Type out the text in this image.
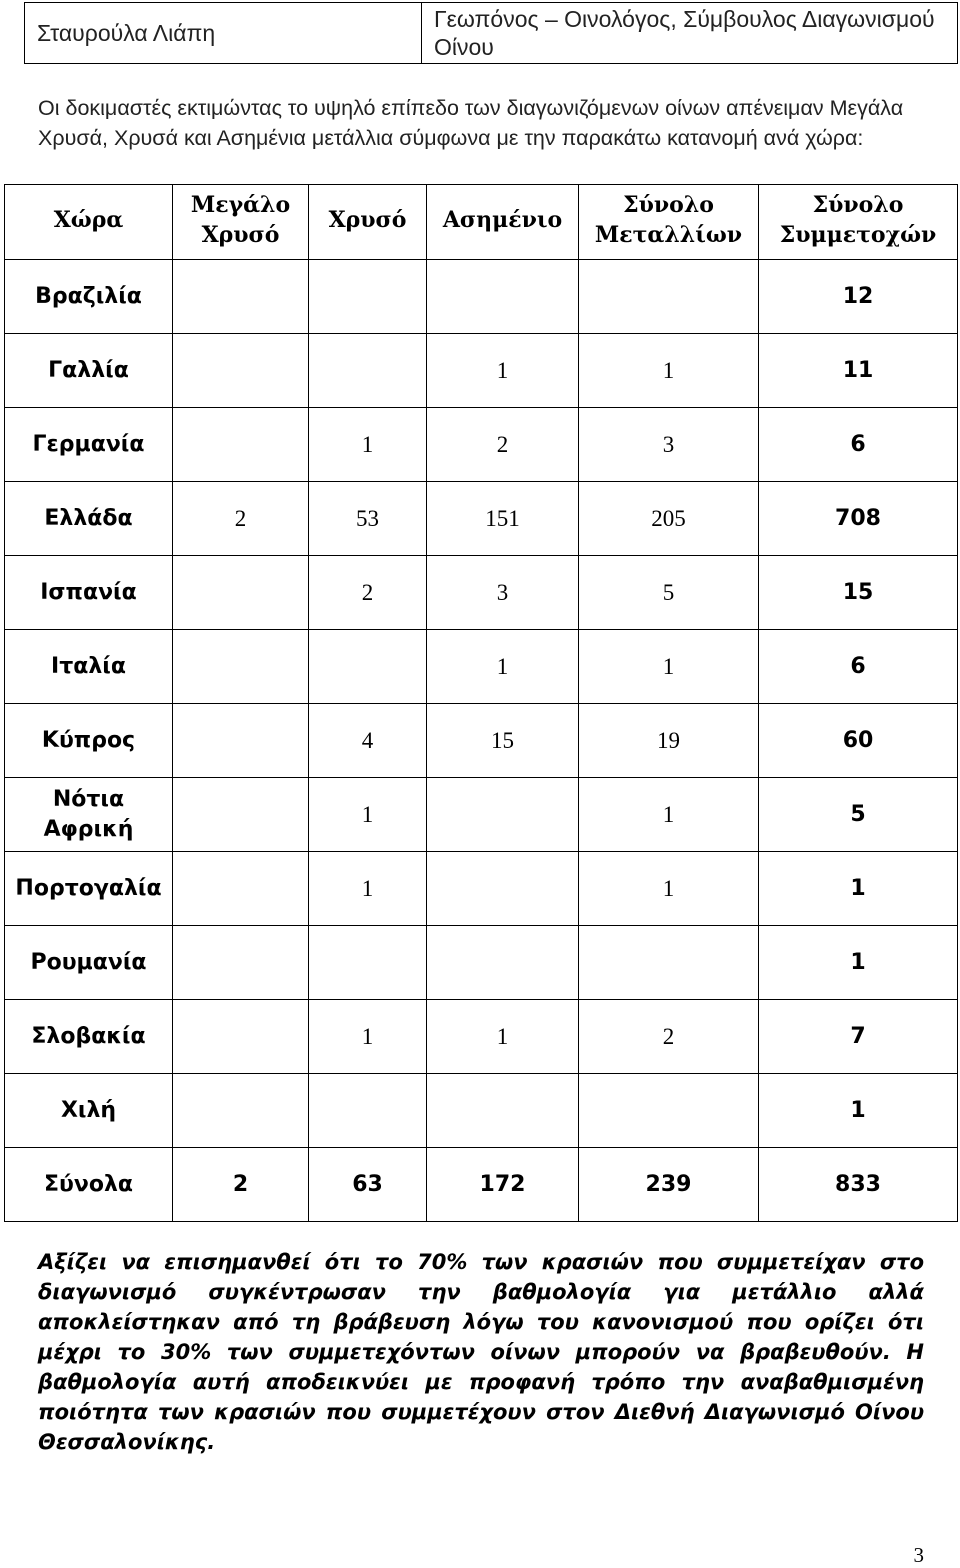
Σταυρούλα Λιάπη
Γεωπόνος – Οινολόγος, Σύμβουλος Διαγωνισμού Οίνου

Οι δοκιμαστές εκτιμώντας το υψηλό επίπεδο των διαγωνιζόμενων οίνων απένειμαν Μεγάλα Χρυσά, Χρυσά και Ασημένια μετάλλια σύμφωνα με την παρακάτω κατανομή ανά χώρα:

Χώρα	Μεγάλο Χρυσό	Χρυσό	Ασημένιο	Σύνολο Μεταλλίων	Σύνολο Συμμετοχών

Βραζιλία					12
Γαλλία			1	1	11
Γερμανία		1	2	3	6
Ελλάδα	2	53	151	205	708
Ισπανία		2	3	5	15
Ιταλία			1	1	6
Κύπρος		4	15	19	60
Νότια Αφρική		1		1	5
Πορτογαλία		1		1	1
Ρουμανία					1
Σλοβακία		1	1	2	7
Χιλή					1
Σύνολα	2	63	172	239	833

Αξίζει να επισημανθεί ότι το 70% των κρασιών που συμμετείχαν στο διαγωνισμό συγκέντρωσαν την βαθμολογία για μετάλλιο αλλά αποκλείστηκαν από τη βράβευση λόγω του κανονισμού που ορίζει ότι μέχρι το 30% των συμμετεχόντων οίνων μπορούν να βραβευθούν. Η βαθμολογία αυτή αποδεικνύει με προφανή τρόπο την αναβαθμισμένη ποιότητα των κρασιών που συμμετέχουν στον Διεθνή Διαγωνισμό Οίνου Θεσσαλονίκης.

3
